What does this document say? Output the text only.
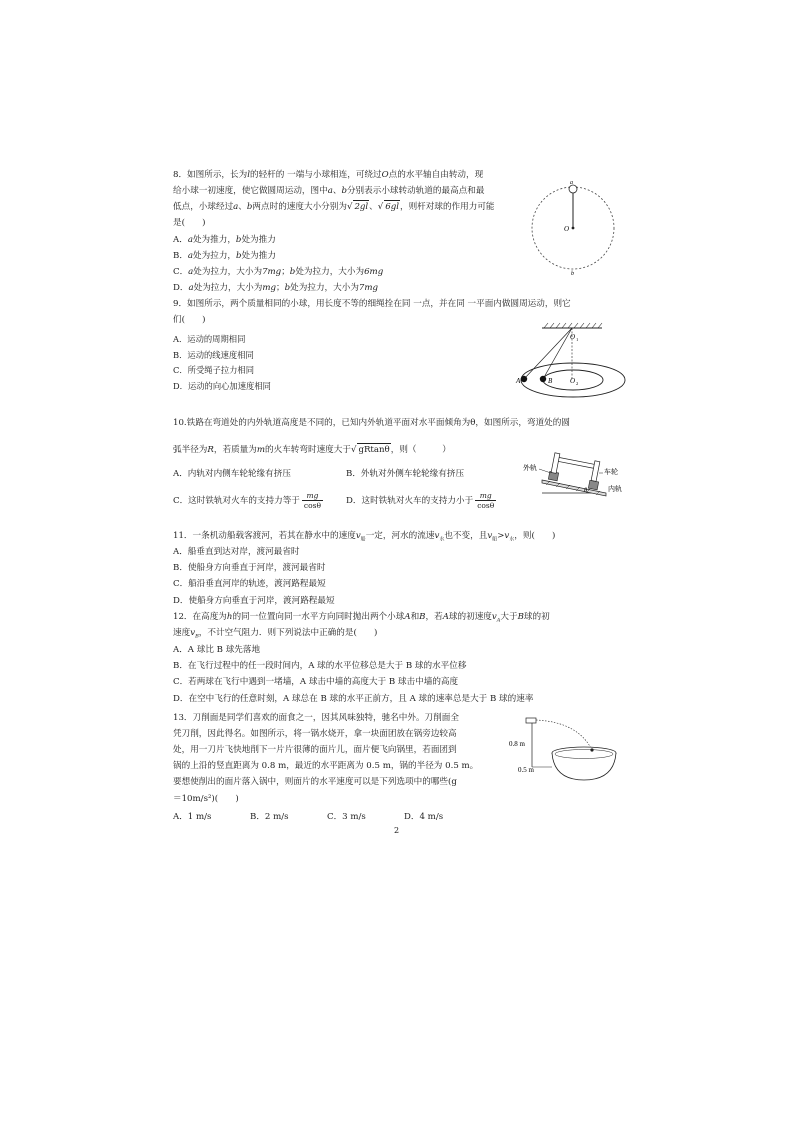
8．如图所示，长为l的轻杆的 一端与小球相连，可绕过O点的水平轴自由转动，现
给小球一初速度，使它做圆周运动，图中a、b分别表示小球转动轨道的最高点和最
低点，小球经过a、b两点时的速度大小分别为√ 2gl、√ 6gl，则杆对球的作用力可能
是(　　)
A．a处为推力，b处为推力
B．a处为拉力，b处为推力
C．a处为拉力，大小为7mg；b处为拉力，大小为6mg
D．a处为拉力，大小为mg；b处为拉力，大小为7mg
a
O
b
9．如图所示，两个质量相同的小球，用长度不等的细绳拴在同 一点，并在同 一平面内做圆周运动，则它
们(　　)
A．运动的周期相同
B．运动的线速度相同
C．所受绳子拉力相同
D．运动的向心加速度相同
O 1
A	B	O 2
10.铁路在弯道处的内外轨道高度是不同的，已知内外轨道平面对水平面倾角为θ，如图所示，弯道处的圆
弧半径为R，若质量为m的火车转弯时速度大于√ gRtanθ，则（　　　）
A．内轨对内侧车轮轮缘有挤压	B．外轨对外侧车轮轮缘有挤压
C．这时铁轨对火车的支持力等于 $\frac{mg}{\cos\theta}$	D．这时铁轨对火车的支持力小于 $\frac{mg}{\cos\theta}$
外轨
车轮
内轨
θ
11．一条机动船载客渡河，若其在静水中的速度$v_船$一定，河水的流速$v_水$也不变，且$v_船>v_水$，则(　　)
A．船垂直到达对岸，渡河最省时
B．使船身方向垂直于河岸，渡河最省时
C．船沿垂直河岸的轨迹，渡河路程最短
D．使船身方向垂直于河岸，渡河路程最短
12．在高度为h的同一位置向同一水平方向同时抛出两个小球A和B，若A球的初速度$v_A$大于B球的初
速度$v_B$，不计空气阻力．则下列说法中正确的是(　　)
A．A 球比 B 球先落地
B．在飞行过程中的任一段时间内，A 球的水平位移总是大于 B 球的水平位移
C．若两球在飞行中遇到一堵墙，A 球击中墙的高度大于 B 球击中墙的高度
D．在空中飞行的任意时刻，A 球总在 B 球的水平正前方，且 A 球的速率总是大于 B 球的速率
13．刀削面是同学们喜欢的面食之一，因其风味独特，驰名中外。刀削面全
凭刀削，因此得名。如图所示，将一锅水烧开，拿一块面团放在锅旁边较高
处，用一刀片飞快地削下一片片很薄的面片儿，面片便飞向锅里，若面团到
锅的上沿的竖直距离为 0.8 m，最近的水平距离为 0.5 m，锅的半径为 0.5 m。
要想使削出的面片落入锅中，则面片的水平速度可以是下列选项中的哪些(g
＝10m/s²)(　　)
A．1 m/s	B．2 m/s	C．3 m/s	D．4 m/s
0.8 m
0.5 m
2
